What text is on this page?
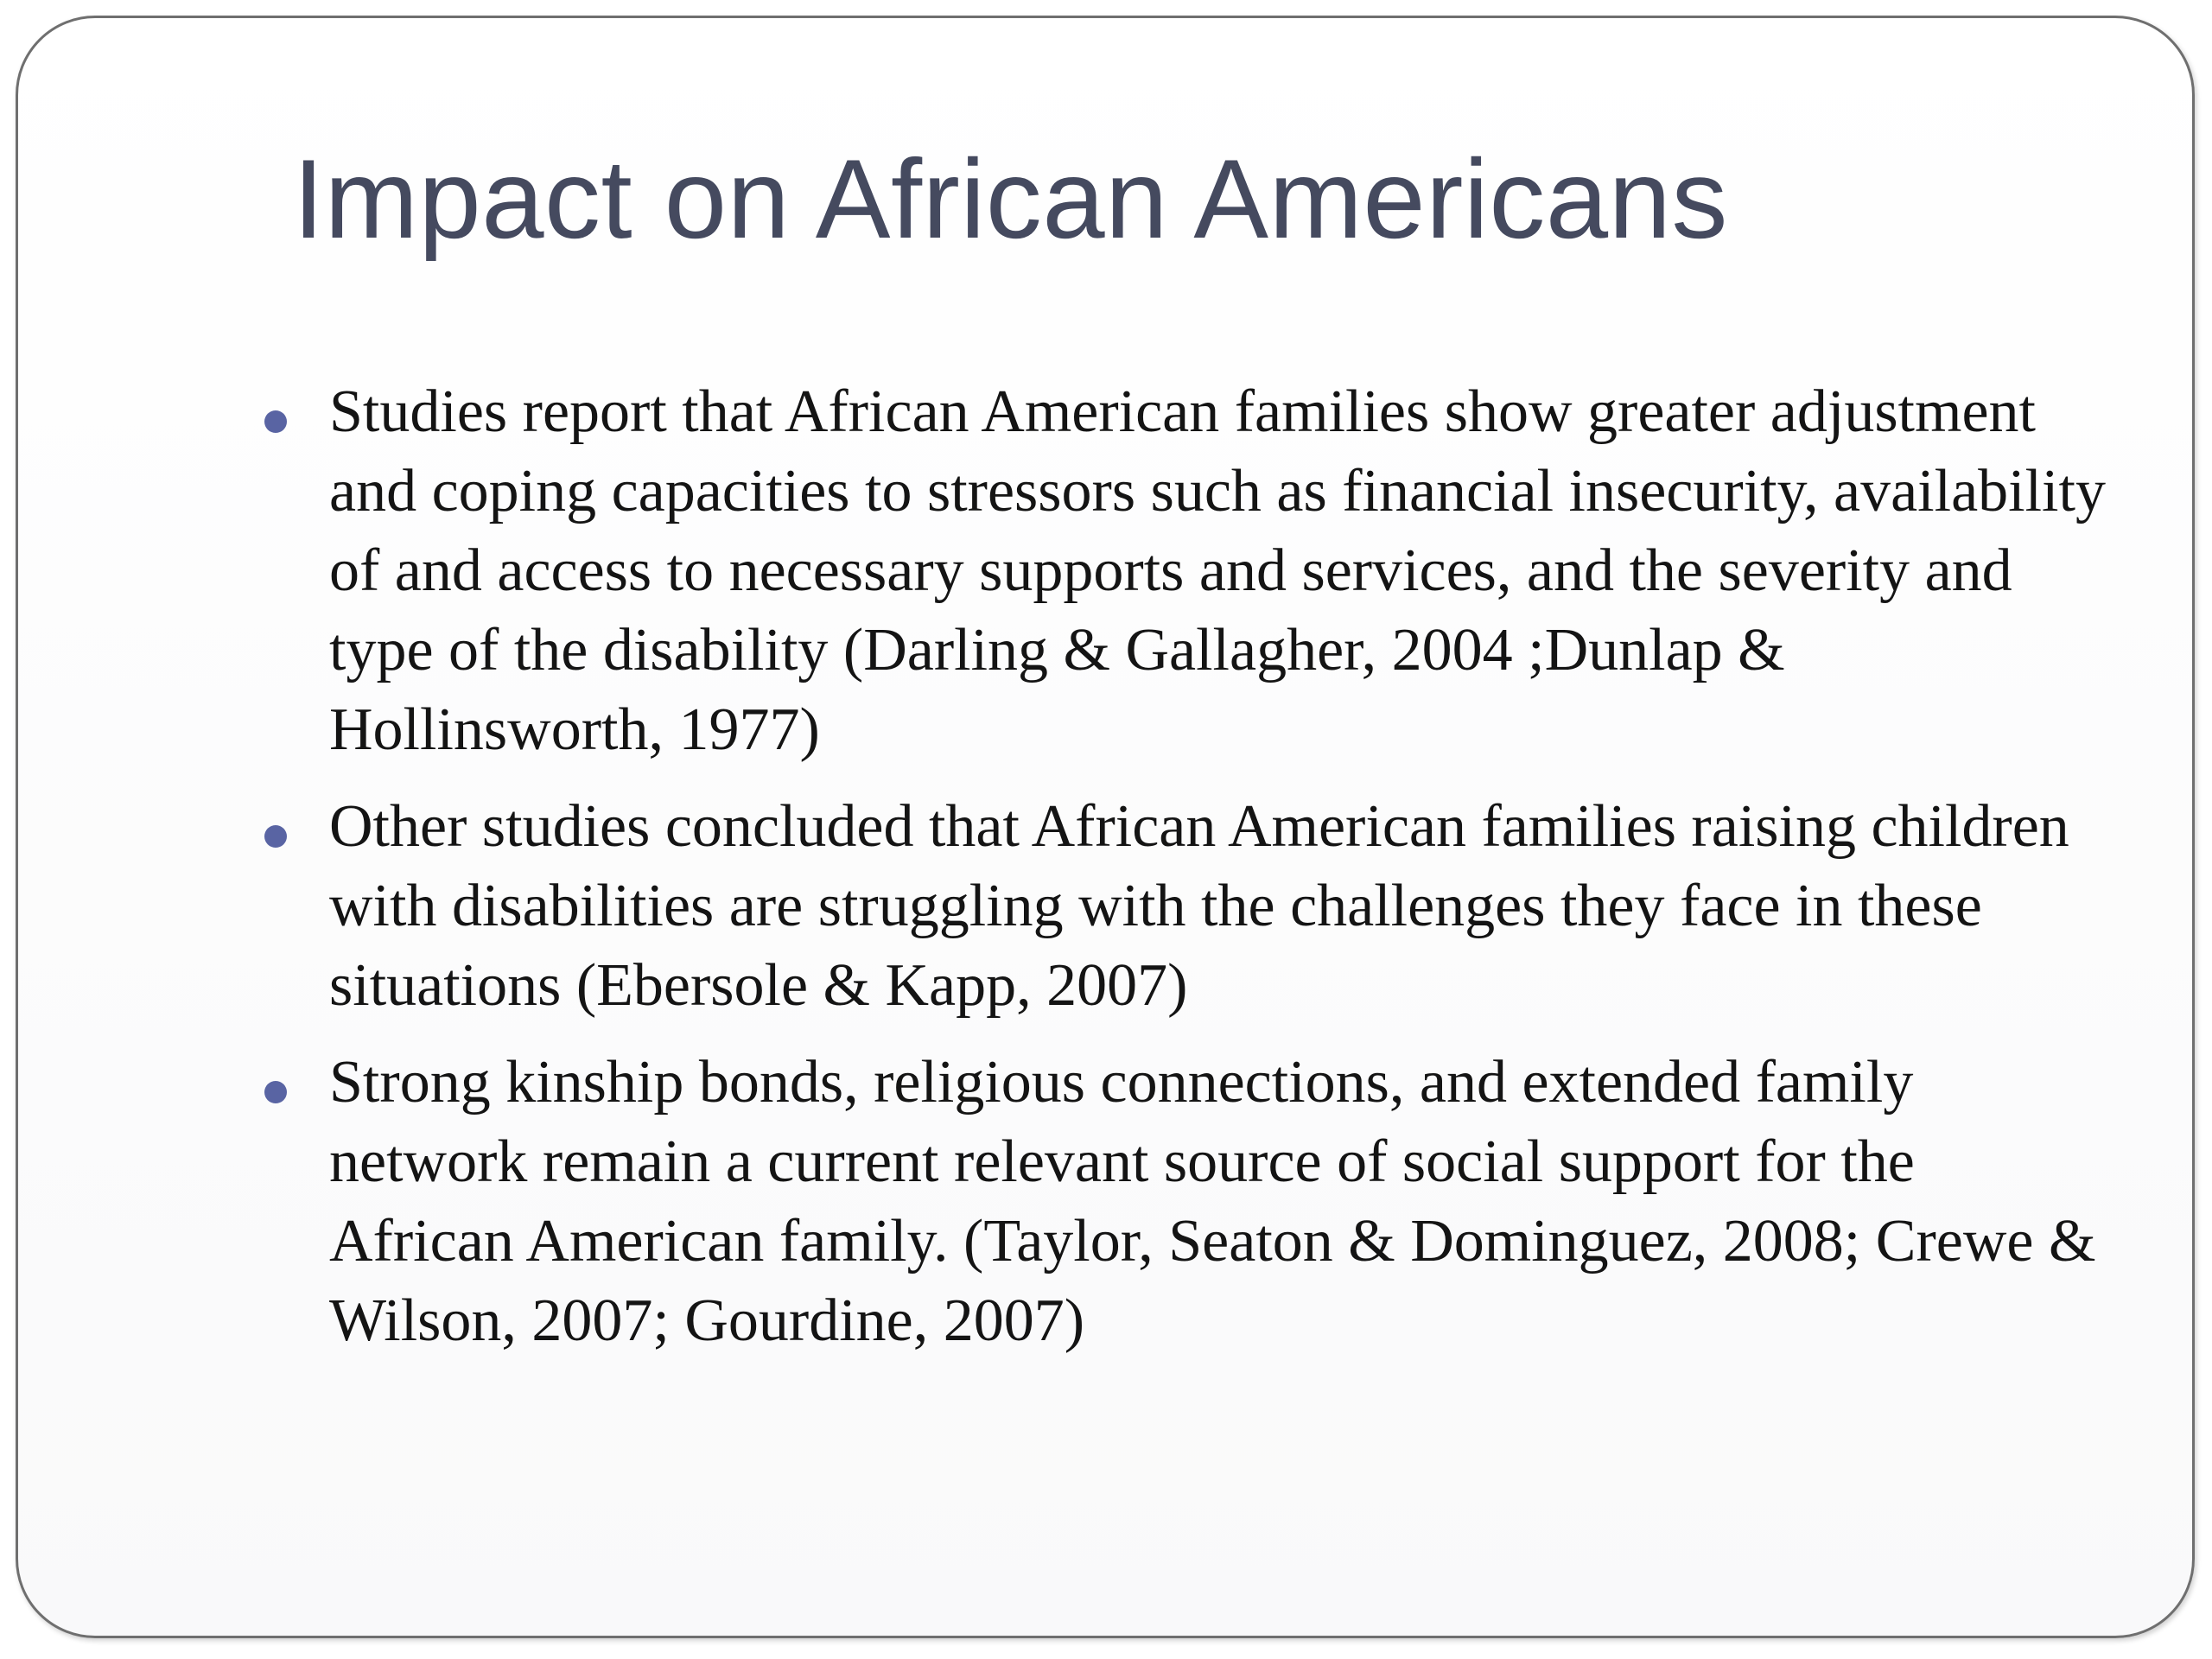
Impact on African Americans
Studies report that African American families show greater adjustment and coping capacities to stressors such as financial insecurity, availability of and access to necessary supports and services, and the severity and type of the disability (Darling & Gallagher, 2004 ;Dunlap & Hollinsworth, 1977)
Other studies concluded that African American families raising children with disabilities are struggling with the challenges they face in these situations (Ebersole & Kapp, 2007)
Strong kinship bonds, religious connections, and extended family network remain a current relevant source of social support for the African American family. (Taylor, Seaton & Dominguez, 2008; Crewe & Wilson, 2007; Gourdine, 2007)
